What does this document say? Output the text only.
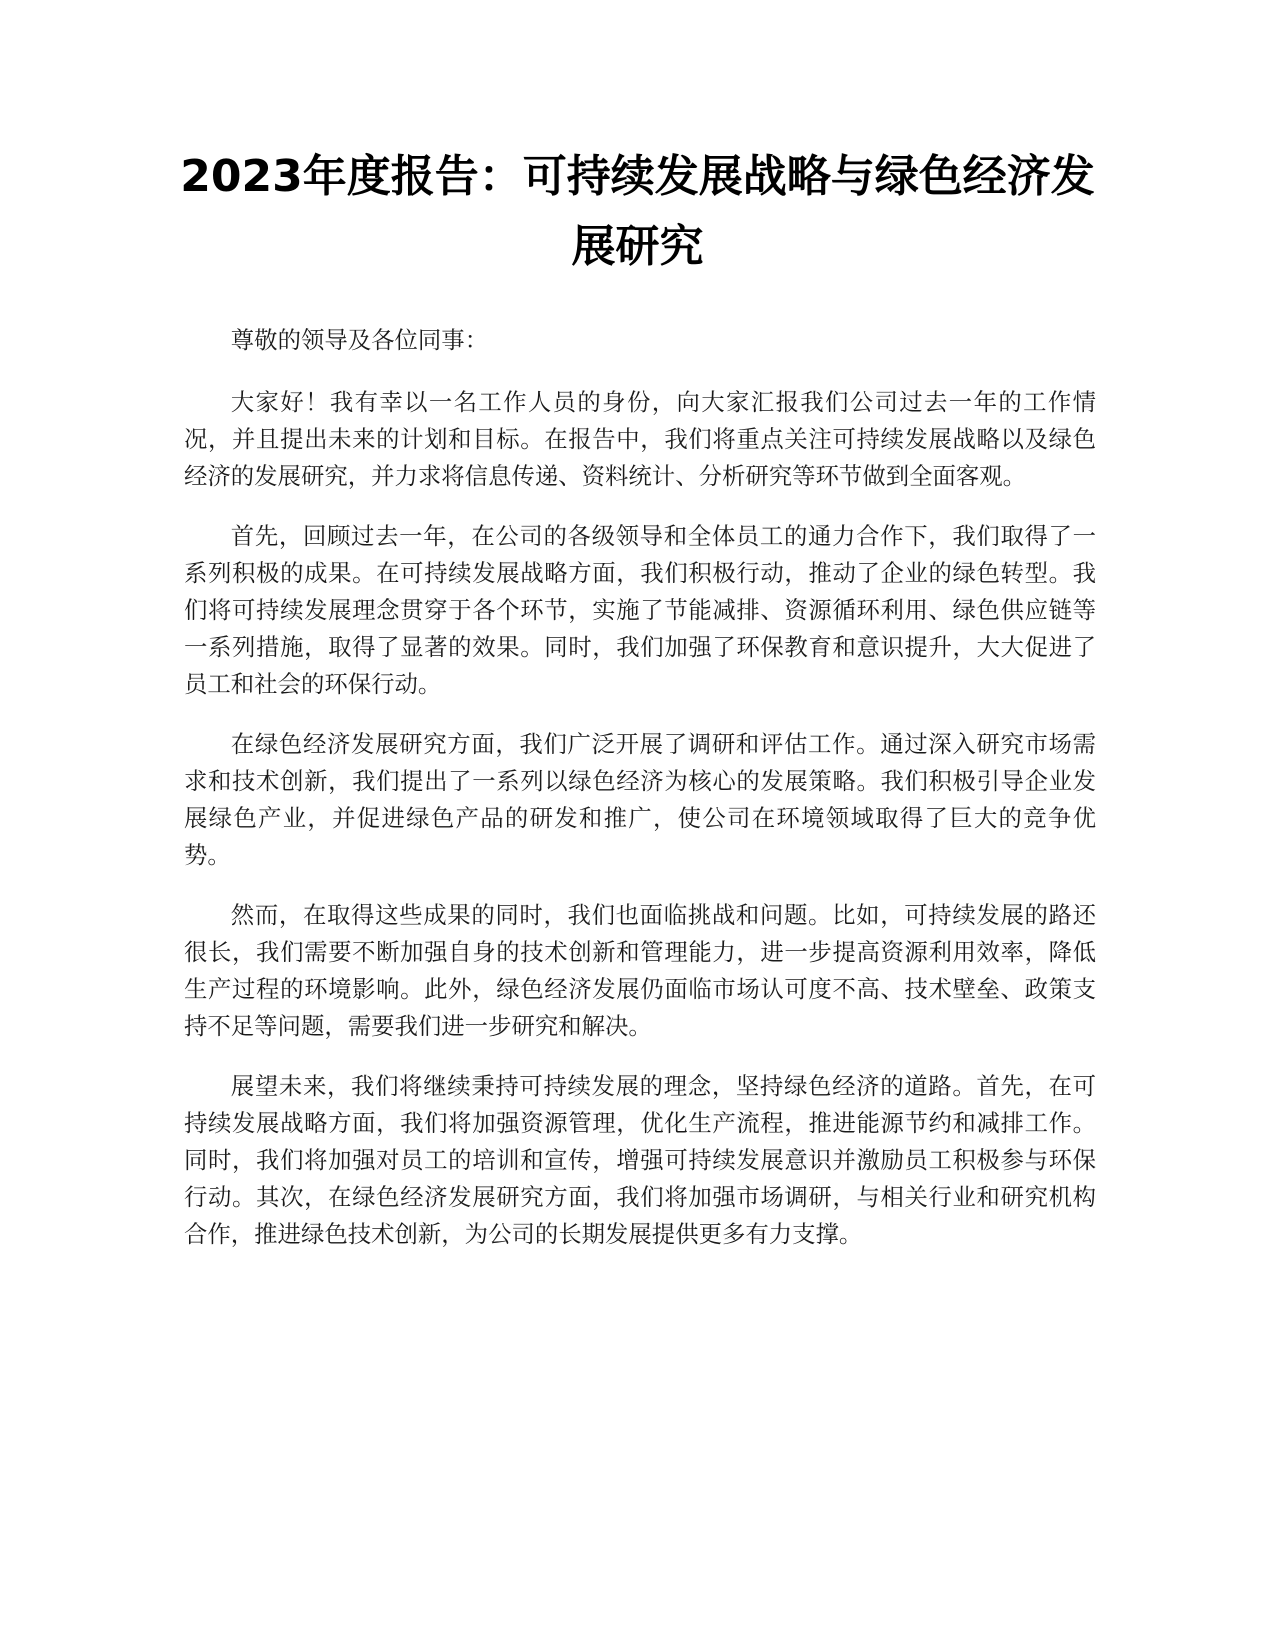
2023年度报告：可持续发展战略与绿色经济发展研究

尊敬的领导及各位同事：

大家好！我有幸以一名工作人员的身份，向大家汇报我们公司过去一年的工作情况，并且提出未来的计划和目标。在报告中，我们将重点关注可持续发展战略以及绿色经济的发展研究，并力求将信息传递、资料统计、分析研究等环节做到全面客观。

首先，回顾过去一年，在公司的各级领导和全体员工的通力合作下，我们取得了一系列积极的成果。在可持续发展战略方面，我们积极行动，推动了企业的绿色转型。我们将可持续发展理念贯穿于各个环节，实施了节能减排、资源循环利用、绿色供应链等一系列措施，取得了显著的效果。同时，我们加强了环保教育和意识提升，大大促进了员工和社会的环保行动。

在绿色经济发展研究方面，我们广泛开展了调研和评估工作。通过深入研究市场需求和技术创新，我们提出了一系列以绿色经济为核心的发展策略。我们积极引导企业发展绿色产业，并促进绿色产品的研发和推广，使公司在环境领域取得了巨大的竞争优势。

然而，在取得这些成果的同时，我们也面临挑战和问题。比如，可持续发展的路还很长，我们需要不断加强自身的技术创新和管理能力，进一步提高资源利用效率，降低生产过程的环境影响。此外，绿色经济发展仍面临市场认可度不高、技术壁垒、政策支持不足等问题，需要我们进一步研究和解决。

展望未来，我们将继续秉持可持续发展的理念，坚持绿色经济的道路。首先，在可持续发展战略方面，我们将加强资源管理，优化生产流程，推进能源节约和减排工作。同时，我们将加强对员工的培训和宣传，增强可持续发展意识并激励员工积极参与环保行动。其次，在绿色经济发展研究方面，我们将加强市场调研，与相关行业和研究机构合作，推进绿色技术创新，为公司的长期发展提供更多有力支撑。
